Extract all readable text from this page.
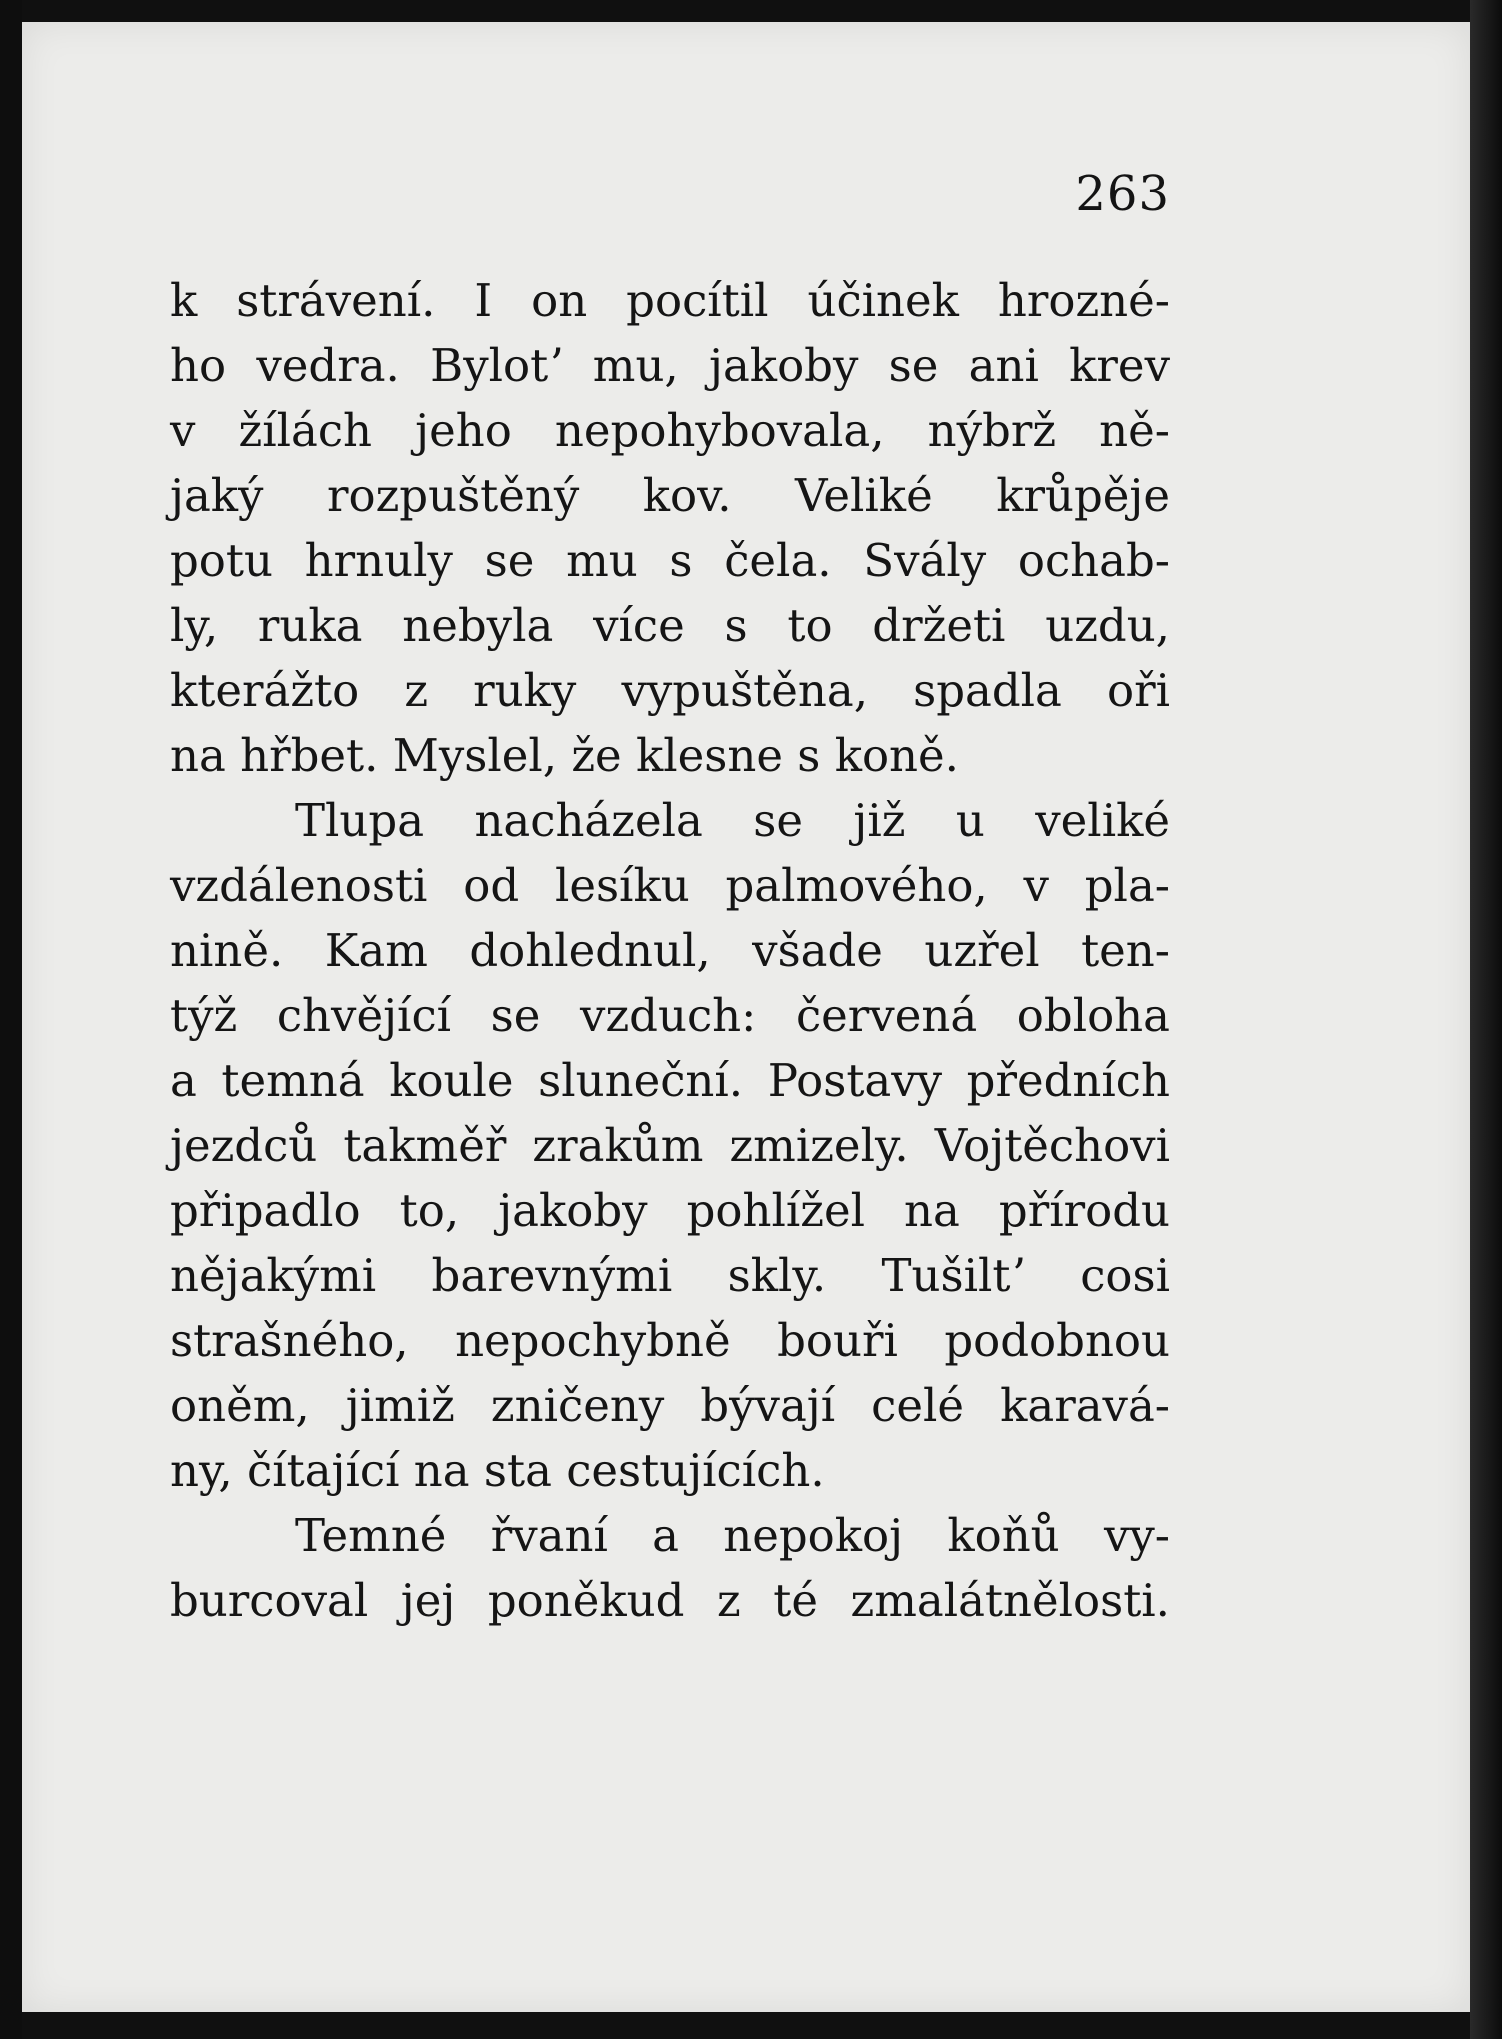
263
k strávení. I on pocítil účinek hrozné-
ho vedra. Bylotʼ mu, jakoby se ani krev
v žílách jeho nepohybovala, nýbrž ně-
jaký rozpuštěný kov. Veliké krůpěje
potu hrnuly se mu s čela. Svály ochab-
ly, ruka nebyla více s to držeti uzdu,
kterážto z ruky vypuštěna, spadla oři
na hřbet. Myslel, že klesne s koně.
Tlupa nacházela se již u veliké
vzdálenosti od lesíku palmového, v pla-
nině. Kam dohlednul, všade uzřel ten-
týž chvějící se vzduch: červená obloha
a temná koule sluneční. Postavy předních
jezdců takměř zrakům zmizely. Vojtěchovi
připadlo to, jakoby pohlížel na přírodu
nějakými barevnými skly. Tušiltʼ cosi
strašného, nepochybně bouři podobnou
oněm, jimiž zničeny bývají celé karavá-
ny, čítající na sta cestujících.
Temné řvaní a nepokoj koňů vy-
burcoval jej poněkud z té zmalátnělosti.
